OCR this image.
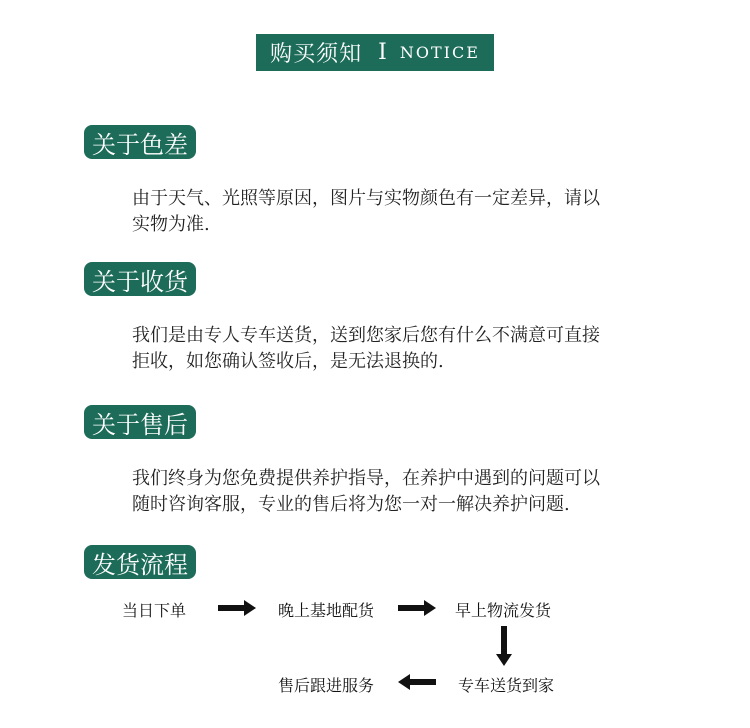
购买须知 I NOTICE
关于色差
由于天气、光照等原因，图片与实物颜色有一定差异，请以
实物为准.
关于收货
我们是由专人专车送货，送到您家后您有什么不满意可直接
拒收，如您确认签收后，是无法退换的.
关于售后
我们终身为您免费提供养护指导，在养护中遇到的问题可以
随时咨询客服，专业的售后将为您一对一解决养护问题.
发货流程
当日下单	晚上基地配货	早上物流发货
专车送货到家
售后跟进服务
